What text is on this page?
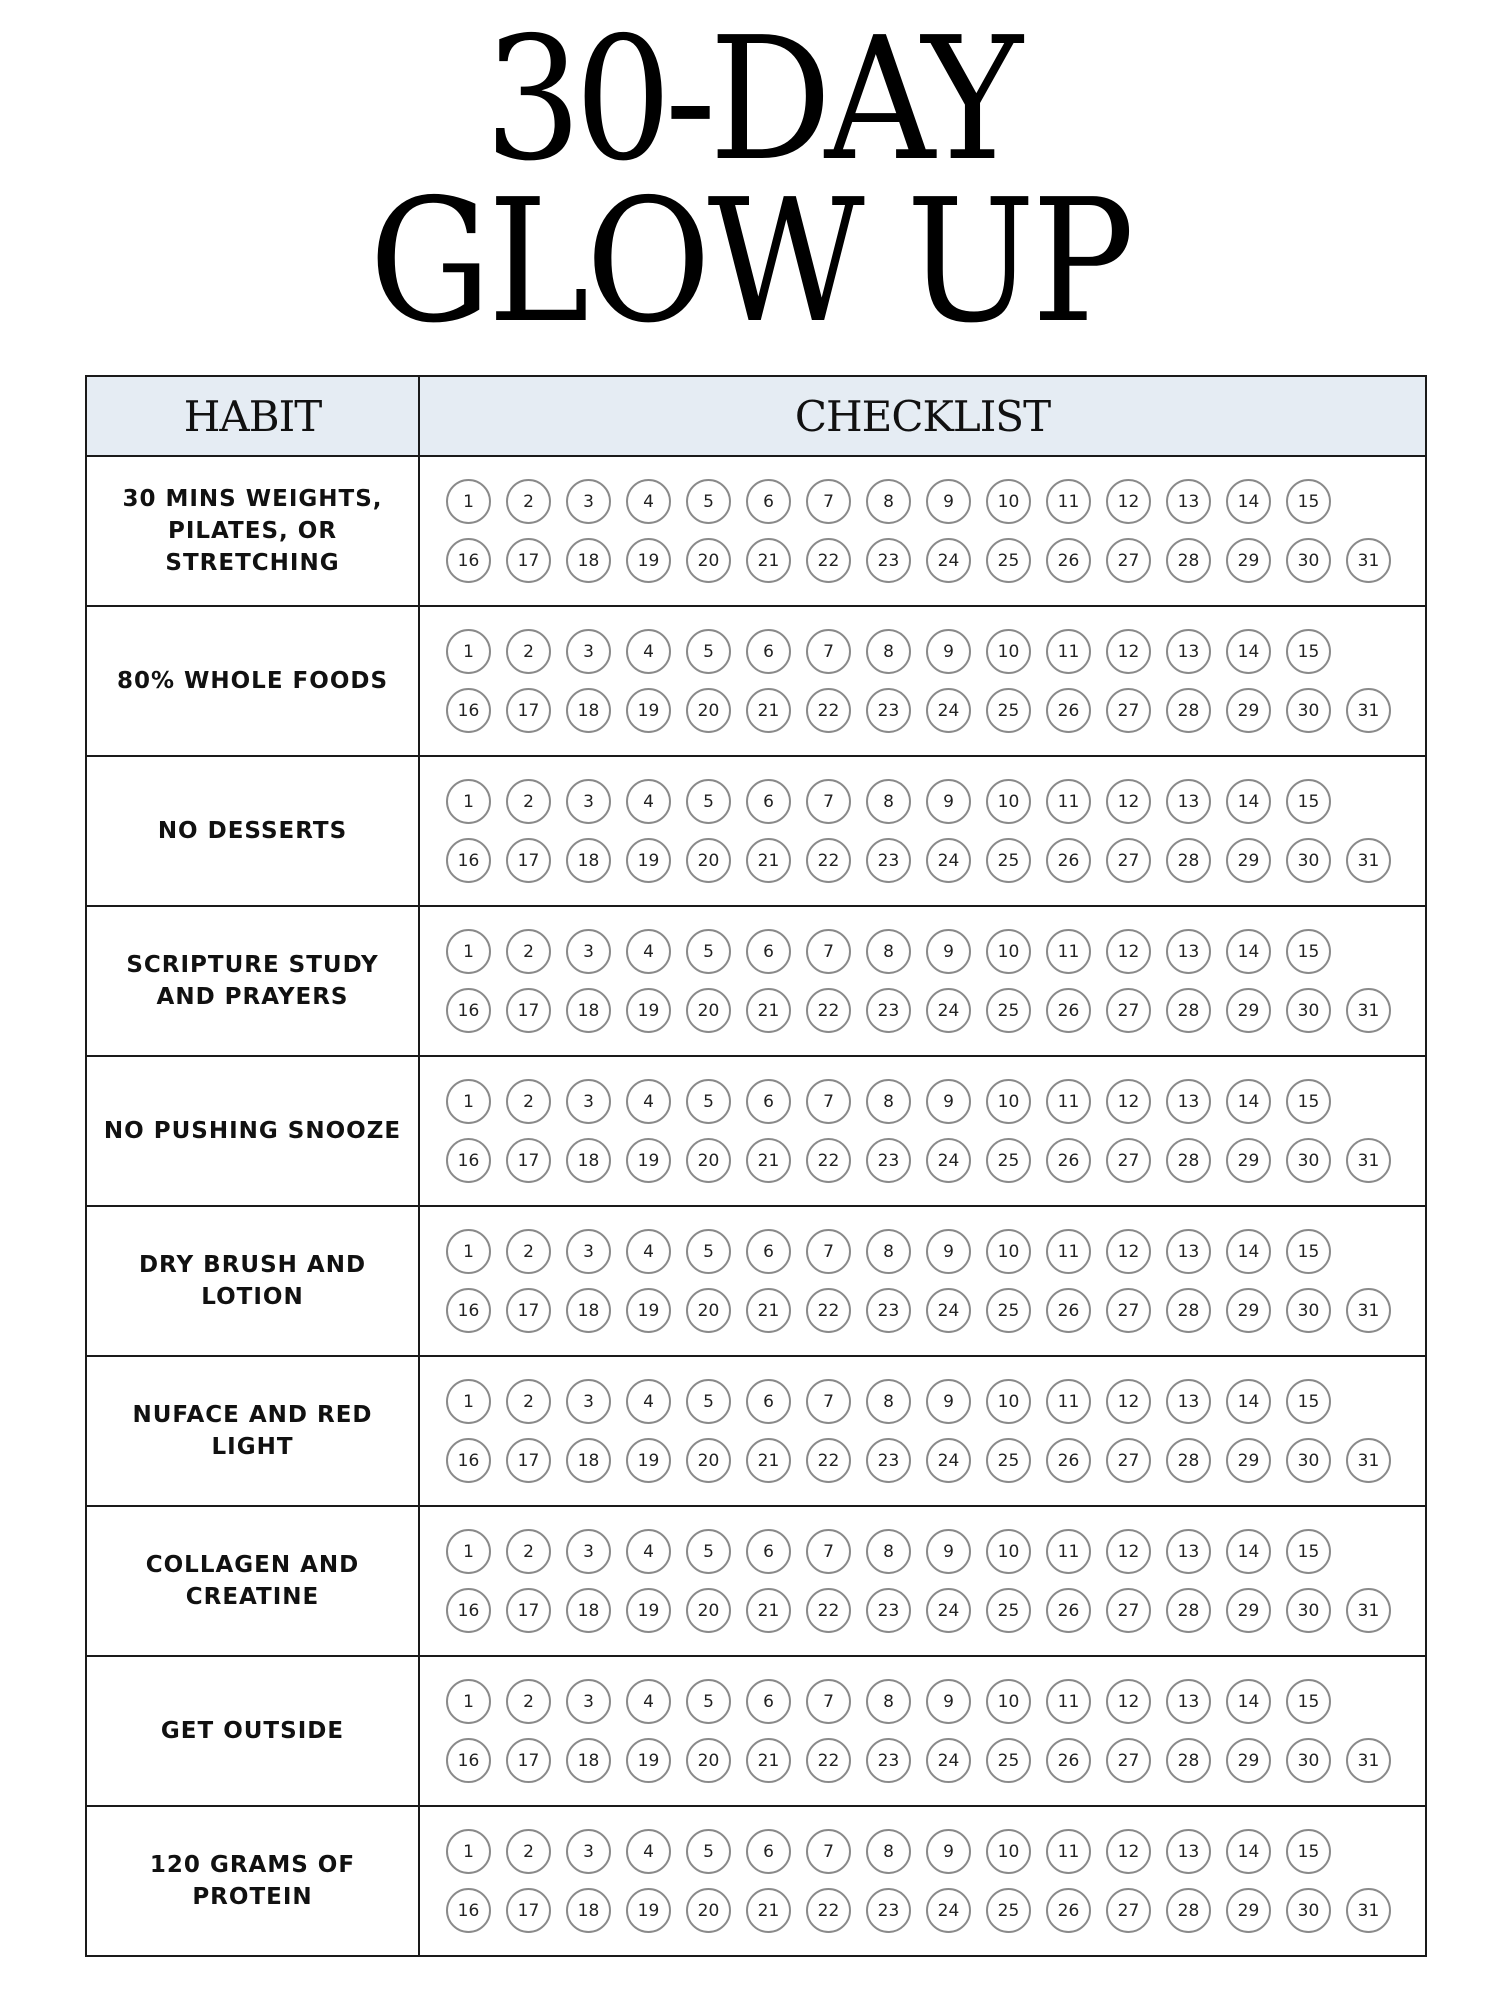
30-DAY
GLOW UP
HABIT	CHECKLIST
30 MINS WEIGHTS, PILATES, OR STRETCHING
1	2	3	4	5	6	7	8	9	10	11	12	13	14	15
16	17	18	19	20	21	22	23	24	25	26	27	28	29	30	31
80% WHOLE FOODS
1	2	3	4	5	6	7	8	9	10	11	12	13	14	15
16	17	18	19	20	21	22	23	24	25	26	27	28	29	30	31
NO DESSERTS
1	2	3	4	5	6	7	8	9	10	11	12	13	14	15
16	17	18	19	20	21	22	23	24	25	26	27	28	29	30	31
SCRIPTURE STUDY AND PRAYERS
1	2	3	4	5	6	7	8	9	10	11	12	13	14	15
16	17	18	19	20	21	22	23	24	25	26	27	28	29	30	31
NO PUSHING SNOOZE
1	2	3	4	5	6	7	8	9	10	11	12	13	14	15
16	17	18	19	20	21	22	23	24	25	26	27	28	29	30	31
DRY BRUSH AND LOTION
1	2	3	4	5	6	7	8	9	10	11	12	13	14	15
16	17	18	19	20	21	22	23	24	25	26	27	28	29	30	31
NUFACE AND RED LIGHT
1	2	3	4	5	6	7	8	9	10	11	12	13	14	15
16	17	18	19	20	21	22	23	24	25	26	27	28	29	30	31
COLLAGEN AND CREATINE
1	2	3	4	5	6	7	8	9	10	11	12	13	14	15
16	17	18	19	20	21	22	23	24	25	26	27	28	29	30	31
GET OUTSIDE
1	2	3	4	5	6	7	8	9	10	11	12	13	14	15
16	17	18	19	20	21	22	23	24	25	26	27	28	29	30	31
120 GRAMS OF PROTEIN
1	2	3	4	5	6	7	8	9	10	11	12	13	14	15
16	17	18	19	20	21	22	23	24	25	26	27	28	29	30	31
